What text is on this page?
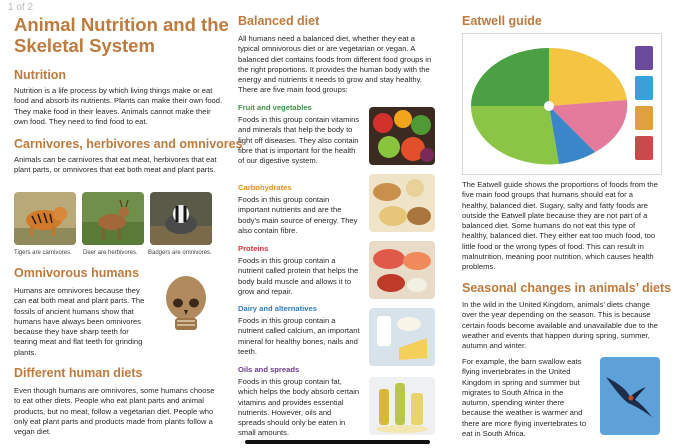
1 of 2
Animal Nutrition and the Skeletal System
Nutrition

Nutrition is a life process by which living things make or eat food and absorb its nutrients. Plants can make their own food. They make food in their leaves. Animals cannot make their own food. They need to find food to eat.

Carnivores, herbivores and omnivores

Animals can be carnivores that eat meat, herbivores that eat plant parts, or omnivores that eat both meat and plant parts.

Tigers are carnivores. Deer are herbivores. Badgers are omnivores.

Omnivorous humans

Humans are omnivores because they can eat both meat and plant parts. The fossils of ancient humans show that humans have always been omnivores because they have sharp teeth for tearing meat and flat teeth for grinding plants.

Different human diets

Even though humans are omnivores, some humans choose to eat other diets. People who eat plant parts and animal products, but no meat, follow a vegetarian diet. People who only eat plant parts and products made from plants follow a vegan diet.

Balanced diet

All humans need a balanced diet, whether they eat a typical omnivorous diet or are vegetarian or vegan. A balanced diet contains foods from different food groups in the right proportions. It provides the human body with the energy and nutrients it needs to grow and stay healthy. There are five main food groups:

Fruit and vegetables

Foods in this group contain vitamins and minerals that help the body to fight off diseases. They also contain fibre that is important for the health of our digestive system.

Carbohydrates

Foods in this group contain important nutrients and are the body’s main source of energy. They also contain fibre.

Proteins

Foods in this group contain a nutrient called protein that helps the body build muscle and allows it to grow and repair.

Dairy and alternatives

Foods in this group contain a nutrient called calcium, an important mineral for healthy bones, nails and teeth.

Oils and spreads

Foods in this group contain fat, which helps the body absorb certain vitamins and provides essential nutrients. However, oils and spreads should only be eaten in small amounts.

Eatwell guide

The Eatwell guide shows the proportions of foods from the five main food groups that humans should eat for a healthy, balanced diet. Sugary, salty and fatty foods are outside the Eatwell plate because they are not part of a balanced diet. Some humans do not eat this type of healthy, balanced diet. They either eat too much food, too little food or the wrong types of food. This can result in malnutrition, meaning poor nutrition, which causes health problems.

Seasonal changes in animals’ diets

In the wild in the United Kingdom, animals’ diets change over the year depending on the season. This is because certain foods become available and unavailable due to the weather and events that happen during spring, summer, autumn and winter.

For example, the barn swallow eats flying invertebrates in the United Kingdom in spring and summer but migrates to South Africa in the autumn, spending winter there because the weather is warmer and there are more flying invertebrates to eat in South Africa.
